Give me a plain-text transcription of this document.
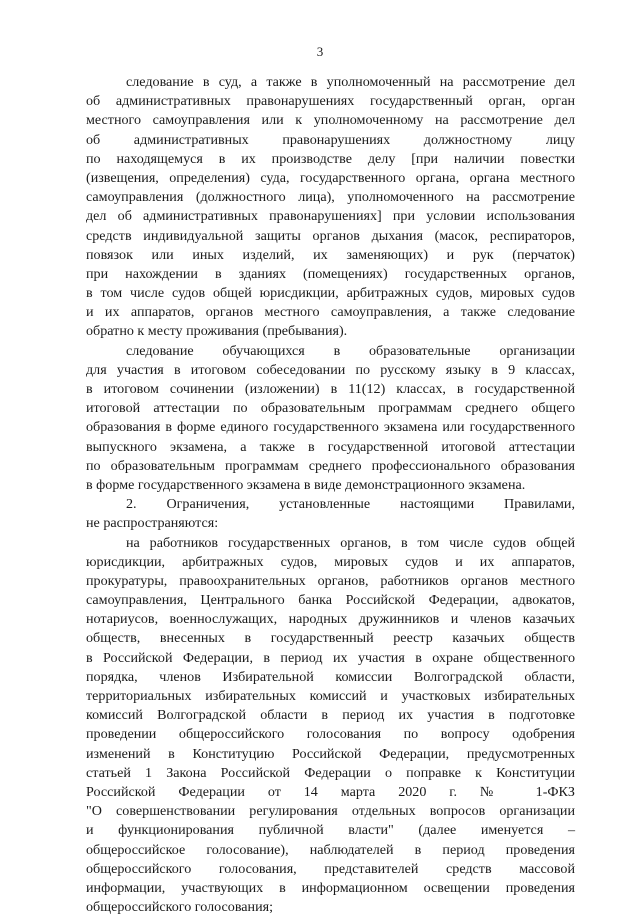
3
следование в суд, а также в уполномоченный на рассмотрение дел
об административных правонарушениях государственный орган, орган
местного самоуправления или к уполномоченному на рассмотрение дел
об административных правонарушениях должностному лицу
по находящемуся в их производстве делу [при наличии повестки
(извещения, определения) суда, государственного органа, органа местного
самоуправления (должностного лица), уполномоченного на рассмотрение
дел об административных правонарушениях] при условии использования
средств индивидуальной защиты органов дыхания (масок, респираторов,
повязок или иных изделий, их заменяющих) и рук (перчаток)
при нахождении в зданиях (помещениях) государственных органов,
в том числе судов общей юрисдикции, арбитражных судов, мировых судов
и их аппаратов, органов местного самоуправления, а также следование
обратно к месту проживания (пребывания).
следование обучающихся в образовательные организации
для участия в итоговом собеседовании по русскому языку в 9 классах,
в итоговом сочинении (изложении) в 11(12) классах, в государственной
итоговой аттестации по образовательным программам среднего общего
образования в форме единого государственного экзамена или государственного
выпускного экзамена, а также в государственной итоговой аттестации
по образовательным программам среднего профессионального образования
в форме государственного экзамена в виде демонстрационного экзамена.
2. Ограничения, установленные настоящими Правилами,
не распространяются:
на работников государственных органов, в том числе судов общей
юрисдикции, арбитражных судов, мировых судов и их аппаратов,
прокуратуры, правоохранительных органов, работников органов местного
самоуправления, Центрального банка Российской Федерации, адвокатов,
нотариусов, военнослужащих, народных дружинников и членов казачьих
обществ, внесенных в государственный реестр казачьих обществ
в Российской Федерации, в период их участия в охране общественного
порядка, членов Избирательной комиссии Волгоградской области,
территориальных избирательных комиссий и участковых избирательных
комиссий Волгоградской области в период их участия в подготовке
проведении общероссийского голосования по вопросу одобрения
изменений в Конституцию Российской Федерации, предусмотренных
статьей 1 Закона Российской Федерации о поправке к Конституции
Российской Федерации от 14 марта 2020 г. № 1-ФКЗ
"О совершенствовании регулирования отдельных вопросов организации
и функционирования публичной власти" (далее именуется –
общероссийское голосование), наблюдателей в период проведения
общероссийского голосования, представителей средств массовой
информации, участвующих в информационном освещении проведения
общероссийского голосования;
